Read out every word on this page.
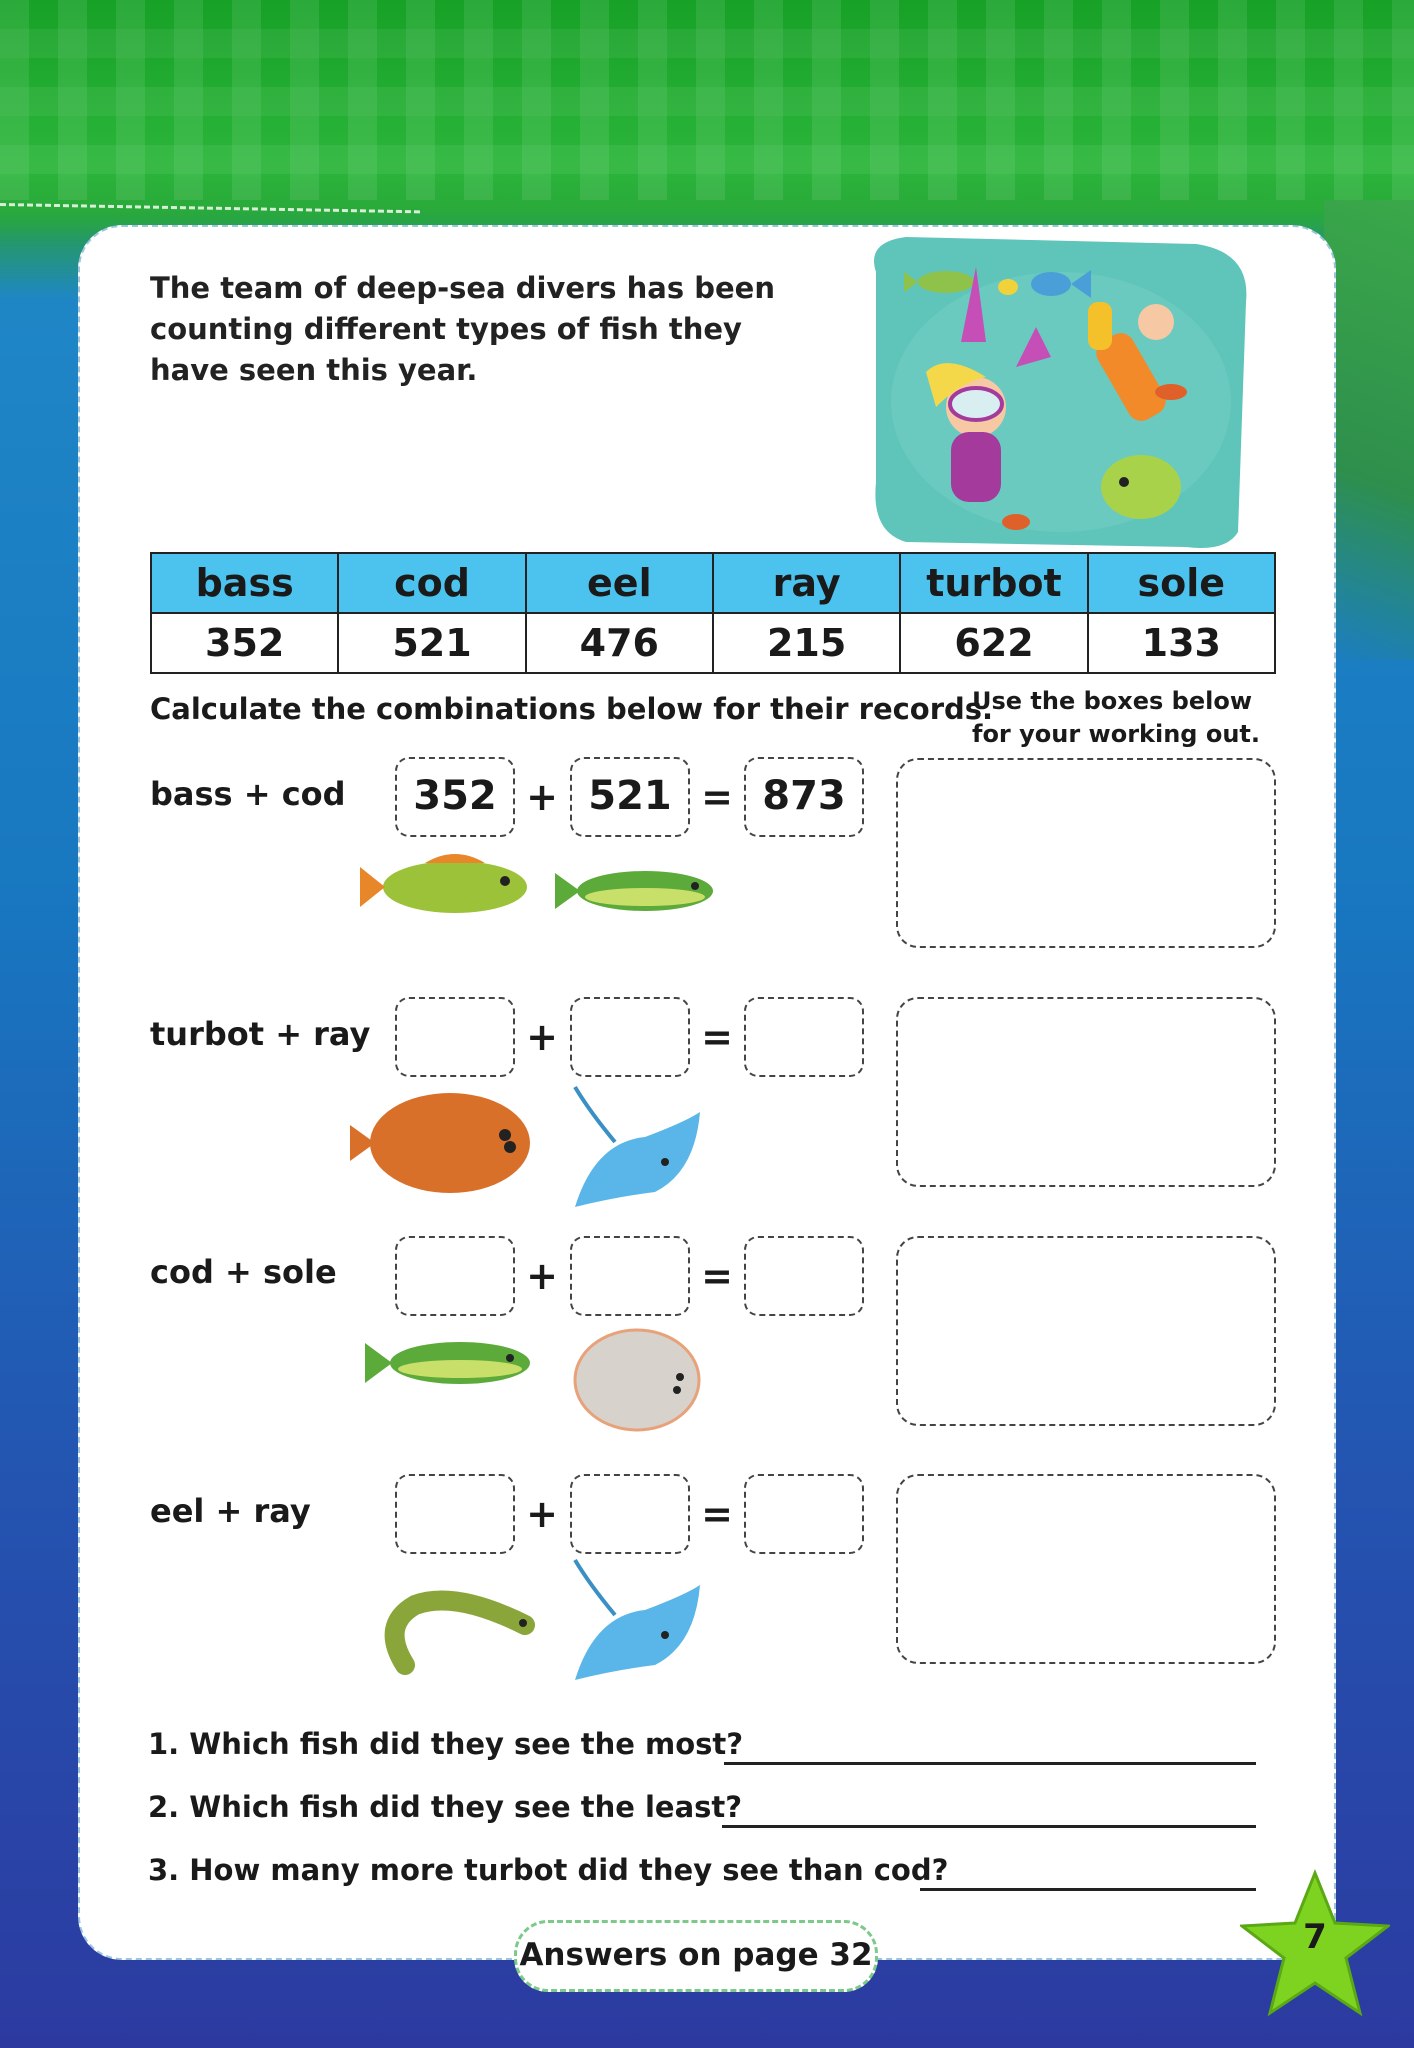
The team of deep-sea divers has been counting different types of fish they have seen this year.
bass	cod	eel	ray	turbot	sole
352	521	476	215	622	133
Calculate the combinations below for their records.
Use the boxes below for your working out.
bass + cod	352 + 521 = 873
turbot + ray	+	=
cod + sole	+	=
eel + ray	+	=
1. Which fish did they see the most?
2. Which fish did they see the least?
3. How many more turbot did they see than cod?
Answers on page 32	7
